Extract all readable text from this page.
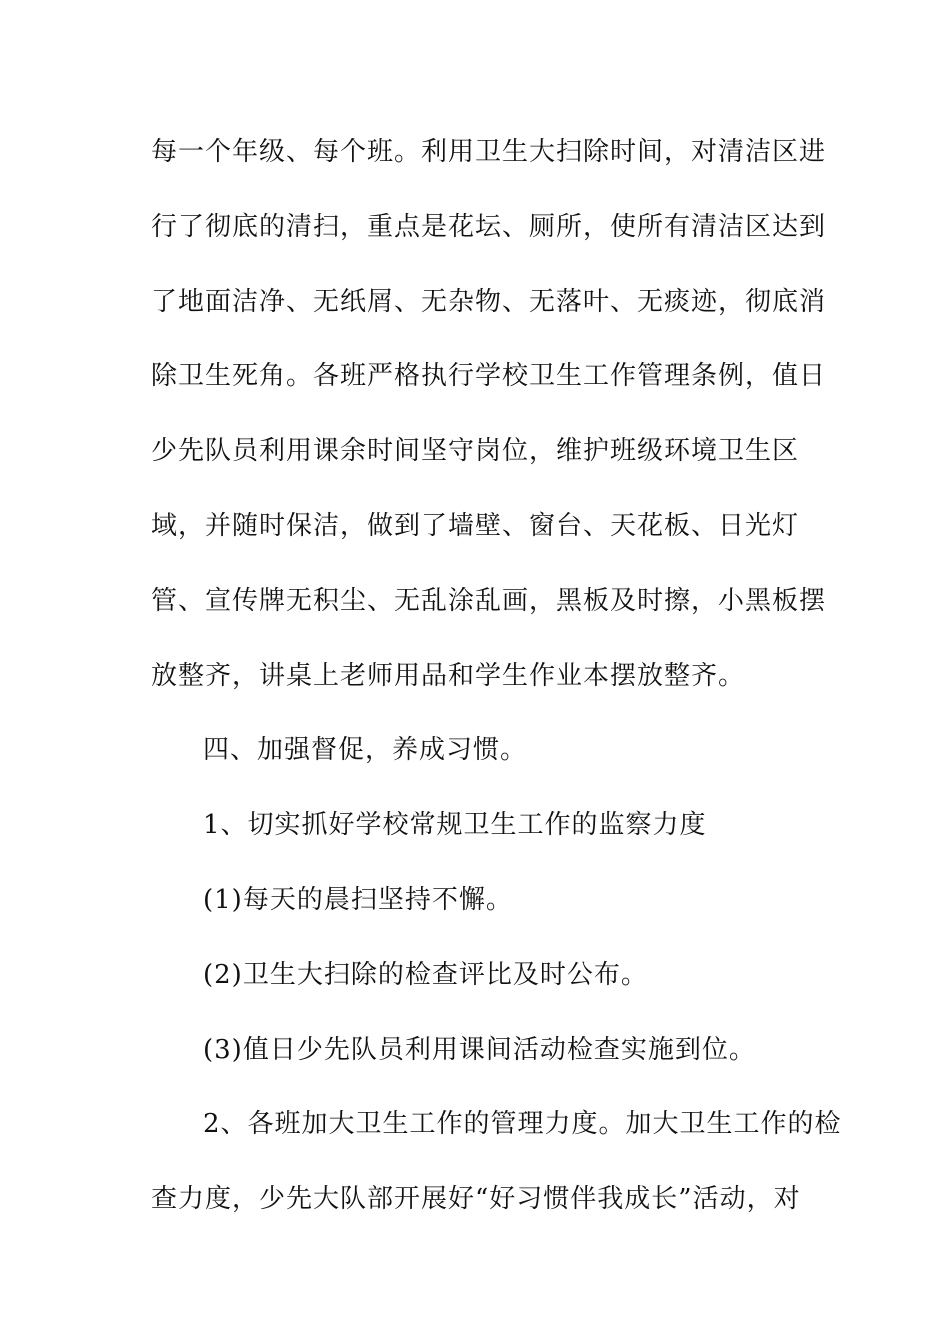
每一个年级、每个班。利用卫生大扫除时间，对清洁区进
行了彻底的清扫，重点是花坛、厕所，使所有清洁区达到
了地面洁净、无纸屑、无杂物、无落叶、无痰迹，彻底消
除卫生死角。各班严格执行学校卫生工作管理条例，值日
少先队员利用课余时间坚守岗位，维护班级环境卫生区
域，并随时保洁，做到了墙壁、窗台、天花板、日光灯
管、宣传牌无积尘、无乱涂乱画，黑板及时擦，小黑板摆
放整齐，讲桌上老师用品和学生作业本摆放整齐。
四、加强督促，养成习惯。
1、切实抓好学校常规卫生工作的监察力度
(1)每天的晨扫坚持不懈。
(2)卫生大扫除的检查评比及时公布。
(3)值日少先队员利用课间活动检查实施到位。
2、各班加大卫生工作的管理力度。加大卫生工作的检
查力度，少先大队部开展好“好习惯伴我成长”活动，对
